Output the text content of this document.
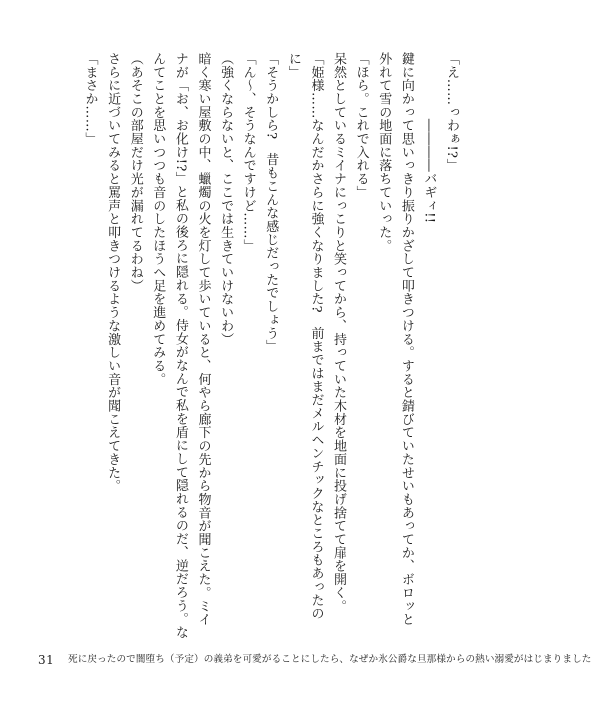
「え……っわぁ!?」
　　　　　――――バギィ!!
鍵に向かって思いっきり振りかざして叩きつける。すると錆びていたせいもあってか、ボロッと
外れて雪の地面に落ちていった。
「ほら。これで入れる」
呆然としているミイナにっこりと笑ってから、持っていた木材を地面に投げ捨てて扉を開く。
「姫様……なんだかさらに強くなりました?　前まではまだメルヘンチックなところもあったの
に」
「そうかしら?　昔もこんな感じだったでしょう」
「ん～、そうなんですけど……」
（強くならないと、ここでは生きていけないわ）
暗く寒い屋敷の中、蠟燭の火を灯して歩いていると、何やら廊下の先から物音が聞こえた。ミイ
ナが「お、お化け!?」と私の後ろに隠れる。侍女がなんで私を盾にして隠れるのだ、逆だろう。な
んてことを思いつつも音のしたほうへ足を進めてみる。
（あそこの部屋だけ光が漏れてるわね）
さらに近づいてみると罵声と叩きつけるような激しい音が聞こえてきた。
「まさか……」
31 死に戻ったので闇堕ち（予定）の義弟を可愛がることにしたら、なぜか氷公爵な旦那様からの熱い溺愛がはじまりました
